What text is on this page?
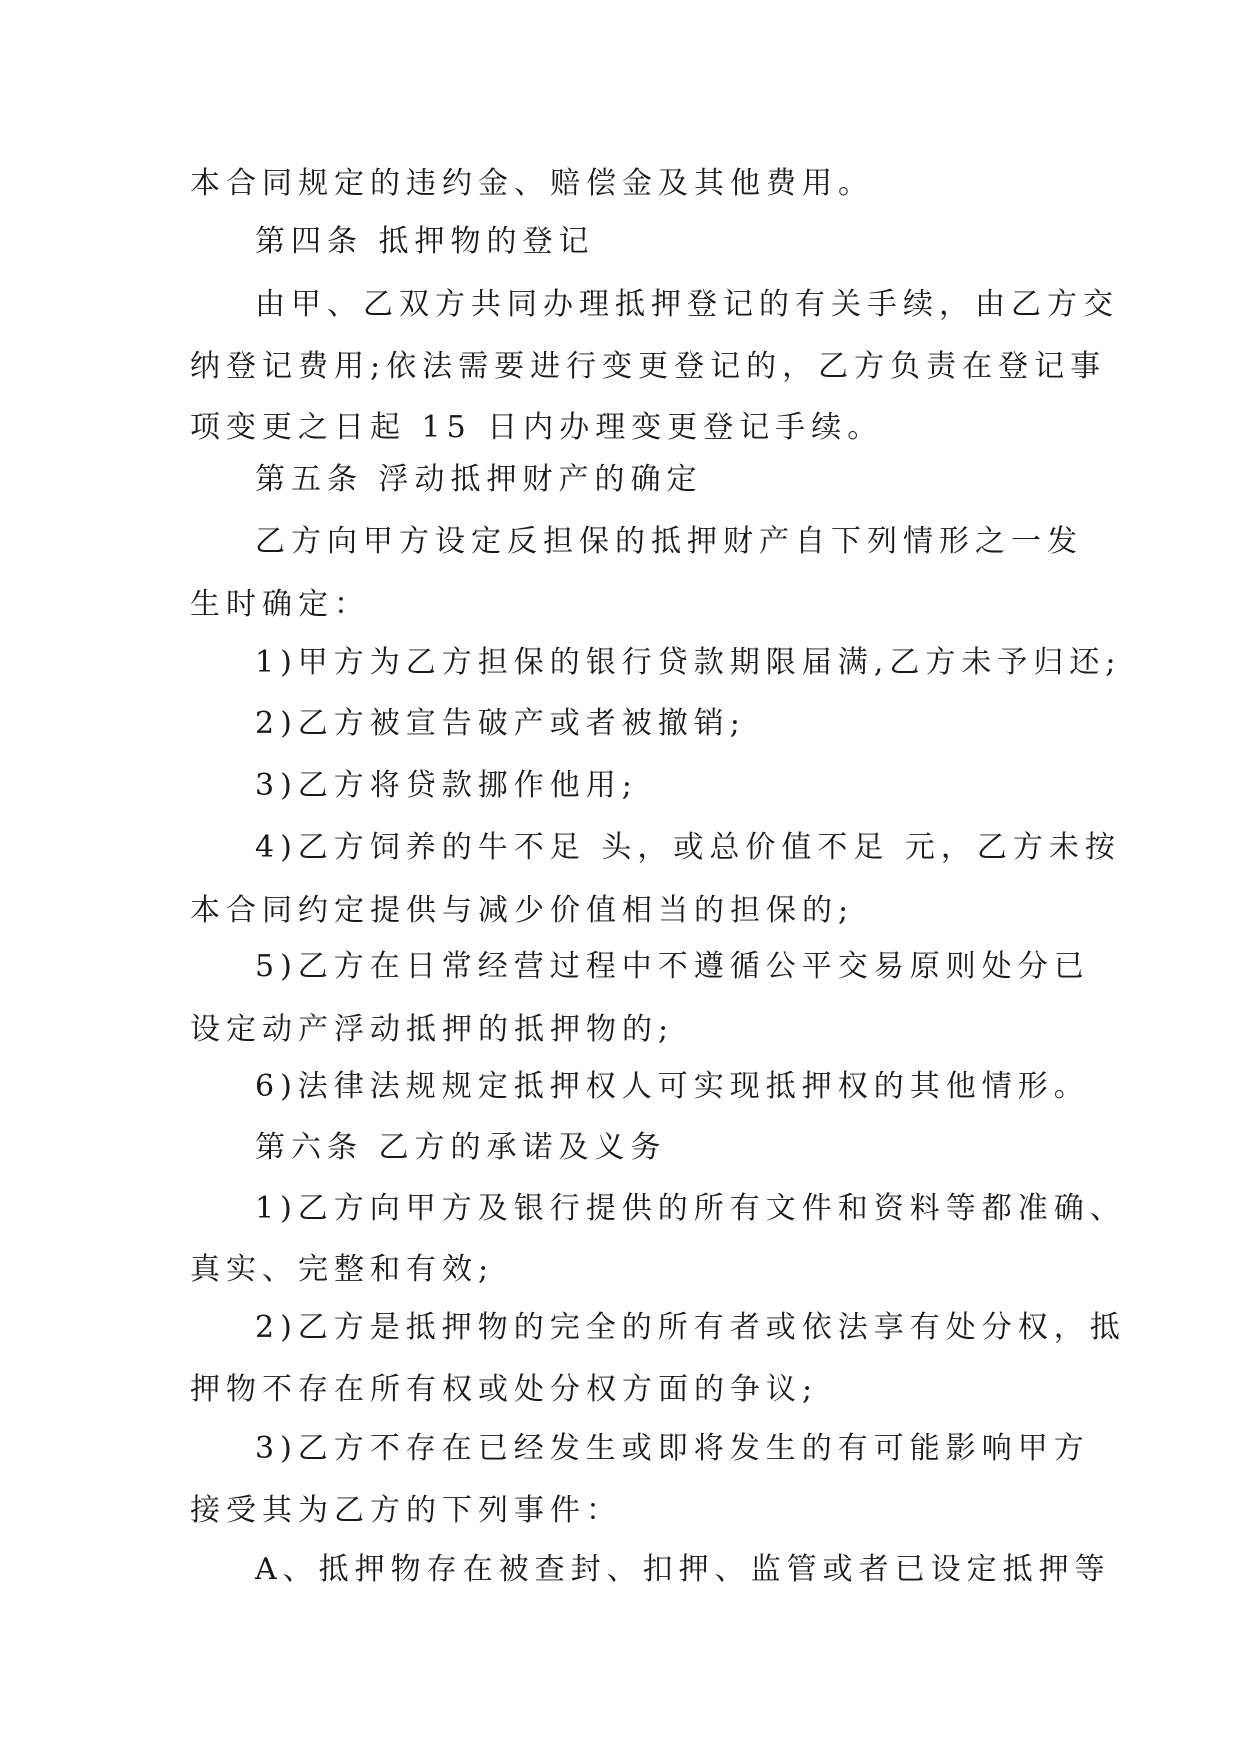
本合同规定的违约金、赔偿金及其他费用。
第四条 抵押物的登记
由甲、乙双方共同办理抵押登记的有关手续，由乙方交
纳登记费用;依法需要进行变更登记的，乙方负责在登记事
项变更之日起 15 日内办理变更登记手续。
第五条 浮动抵押财产的确定
乙方向甲方设定反担保的抵押财产自下列情形之一发
生时确定：
1)甲方为乙方担保的银行贷款期限届满,乙方未予归还;
2)乙方被宣告破产或者被撤销;
3)乙方将贷款挪作他用;
4)乙方饲养的牛不足 头，或总价值不足 元，乙方未按
本合同约定提供与减少价值相当的担保的;
5)乙方在日常经营过程中不遵循公平交易原则处分已
设定动产浮动抵押的抵押物的;
6)法律法规规定抵押权人可实现抵押权的其他情形。
第六条 乙方的承诺及义务
1)乙方向甲方及银行提供的所有文件和资料等都准确、
真实、完整和有效;
2)乙方是抵押物的完全的所有者或依法享有处分权，抵
押物不存在所有权或处分权方面的争议;
3)乙方不存在已经发生或即将发生的有可能影响甲方
接受其为乙方的下列事件：
A、抵押物存在被查封、扣押、监管或者已设定抵押等
